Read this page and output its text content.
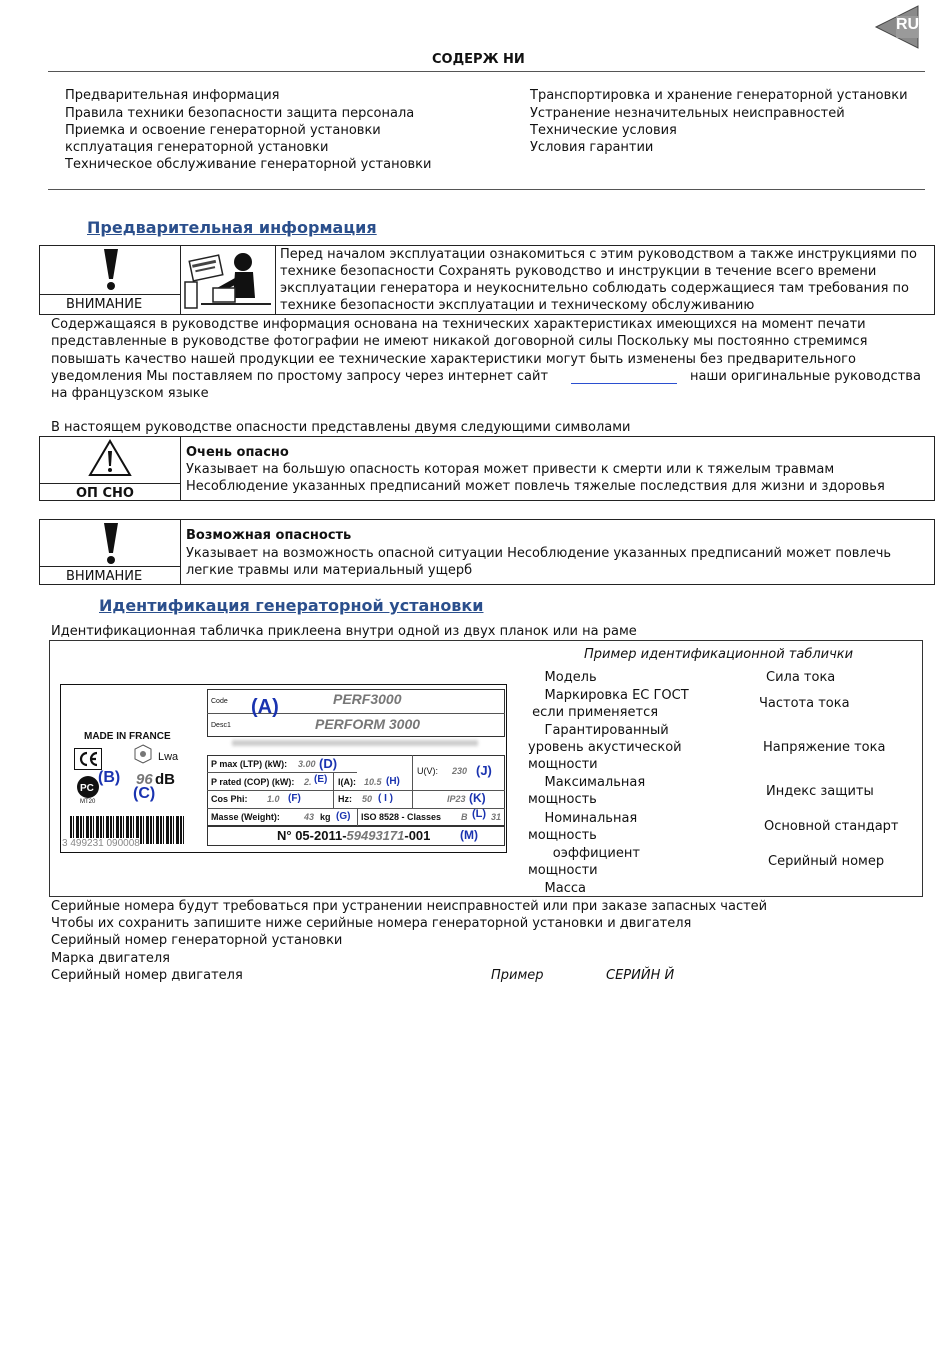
RU
СОДЕРЖ НИ
Предварительная информация
Правила техники безопасности защита персонала
Приемка и освоение генераторной установки
ксплуатация генераторной установки
Техническое обслуживание генераторной установки
Транспортировка и хранение генераторной установки
Устранение незначительных неисправностей
Технические условия
Условия гарантии
Предварительная информация
ВНИМАНИЕ
Перед началом эксплуатации ознакомиться с этим руководством а также инструкциями по
технике безопасности Сохранять руководство и инструкции в течение всего времени
эксплуатации генератора и неукоснительно соблюдать содержащиеся там требования по
технике безопасности эксплуатации и техническому обслуживанию
Содержащаяся в руководстве информация основана на технических характеристиках имеющихся на момент печати
представленные в руководстве фотографии не имеют никакой договорной силы Поскольку мы постоянно стремимся
повышать качество нашей продукции ее технические характеристики могут быть изменены без предварительного
уведомления Мы поставляем по простому запросу через интернет сайт	наши оригинальные руководства
на французском языке
В настоящем руководстве опасности представлены двумя следующими символами
ОП СНО
Очень опасно
Указывает на большую опасность которая может привести к смерти или к тяжелым травмам
Несоблюдение указанных предписаний может повлечь тяжелые последствия для жизни и здоровья
ВНИМАНИЕ
Возможная опасность
Указывает на возможность опасной ситуации Несоблюдение указанных предписаний может повлечь
легкие травмы или материальный ущерб
Идентификация генераторной установки
Идентификационная табличка приклеена внутри одной из двух планок или на раме
Пример идентификационной таблички
MADE IN FRANCE
PC
MT20
(B)
(C)
Lwa
96 dB
3 499231 090008
Code
Desc1
(A)	PERF3000
PERFORM 3000
P max (LTP) (kW): 3.00 (D)
P rated (COP) (kW): 2. (E) I(A): 10.5 (H)
U(V): 230 (J)
Cos Phi: 1.0 (F)	Hz: 50 ( I )	IP23 (K)
Masse (Weight):	43 kg (G) ISO 8528 - Classes B (L) 31
N° 05-2011-59493171-001 (M)
Модель
Маркировка ЕС ГОСТ
если применяется
Гарантированный
уровень акустической
мощности
Максимальная
мощность
Номинальная
мощность
оэффициент
мощности
Масса
Сила тока
Частота тока
Напряжение тока
Индекс защиты
Основной стандарт
Серийный номер
Серийные номера будут требоваться при устранении неисправностей или при заказе запасных частей
Чтобы их сохранить запишите ниже серийные номера генераторной установки и двигателя
Серийный номер генераторной установки
Марка двигателя
Серийный номер двигателя	Пример	СЕРИЙН Й
